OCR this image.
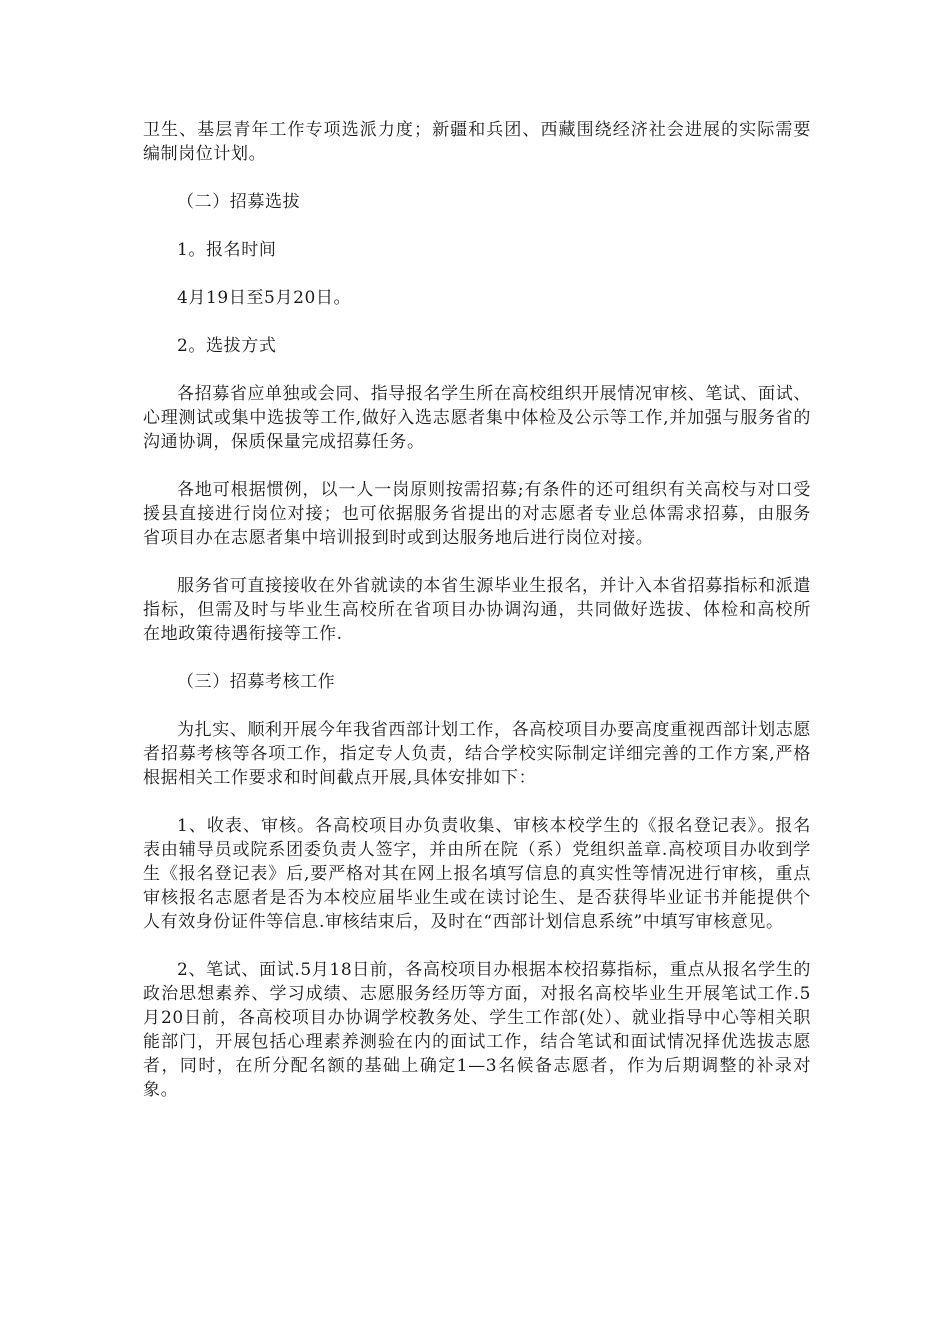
卫生、基层青年工作专项选派力度；新疆和兵团、西藏围绕经济社会进展的实际需要编制岗位计划。

（二）招募选拔

1。报名时间

4月19日至5月20日。

2。选拔方式

各招募省应单独或会同、指导报名学生所在高校组织开展情况审核、笔试、面试、心理测试或集中选拔等工作,做好入选志愿者集中体检及公示等工作,并加强与服务省的沟通协调，保质保量完成招募任务。

各地可根据惯例，以一人一岗原则按需招募;有条件的还可组织有关高校与对口受援县直接进行岗位对接；也可依据服务省提出的对志愿者专业总体需求招募，由服务省项目办在志愿者集中培训报到时或到达服务地后进行岗位对接。

服务省可直接接收在外省就读的本省生源毕业生报名，并计入本省招募指标和派遣指标，但需及时与毕业生高校所在省项目办协调沟通，共同做好选拔、体检和高校所在地政策待遇衔接等工作.

（三）招募考核工作

为扎实、顺利开展今年我省西部计划工作，各高校项目办要高度重视西部计划志愿者招募考核等各项工作，指定专人负责，结合学校实际制定详细完善的工作方案,严格根据相关工作要求和时间截点开展,具体安排如下：

1、收表、审核。各高校项目办负责收集、审核本校学生的《报名登记表》。报名表由辅导员或院系团委负责人签字，并由所在院（系）党组织盖章.高校项目办收到学生《报名登记表》后,要严格对其在网上报名填写信息的真实性等情况进行审核，重点审核报名志愿者是否为本校应届毕业生或在读讨论生、是否获得毕业证书并能提供个人有效身份证件等信息.审核结束后，及时在“西部计划信息系统”中填写审核意见。

2、笔试、面试.5月18日前，各高校项目办根据本校招募指标，重点从报名学生的政治思想素养、学习成绩、志愿服务经历等方面，对报名高校毕业生开展笔试工作.5月20日前，各高校项目办协调学校教务处、学生工作部(处）、就业指导中心等相关职能部门，开展包括心理素养测验在内的面试工作，结合笔试和面试情况择优选拔志愿者，同时，在所分配名额的基础上确定1—3名候备志愿者，作为后期调整的补录对象。
